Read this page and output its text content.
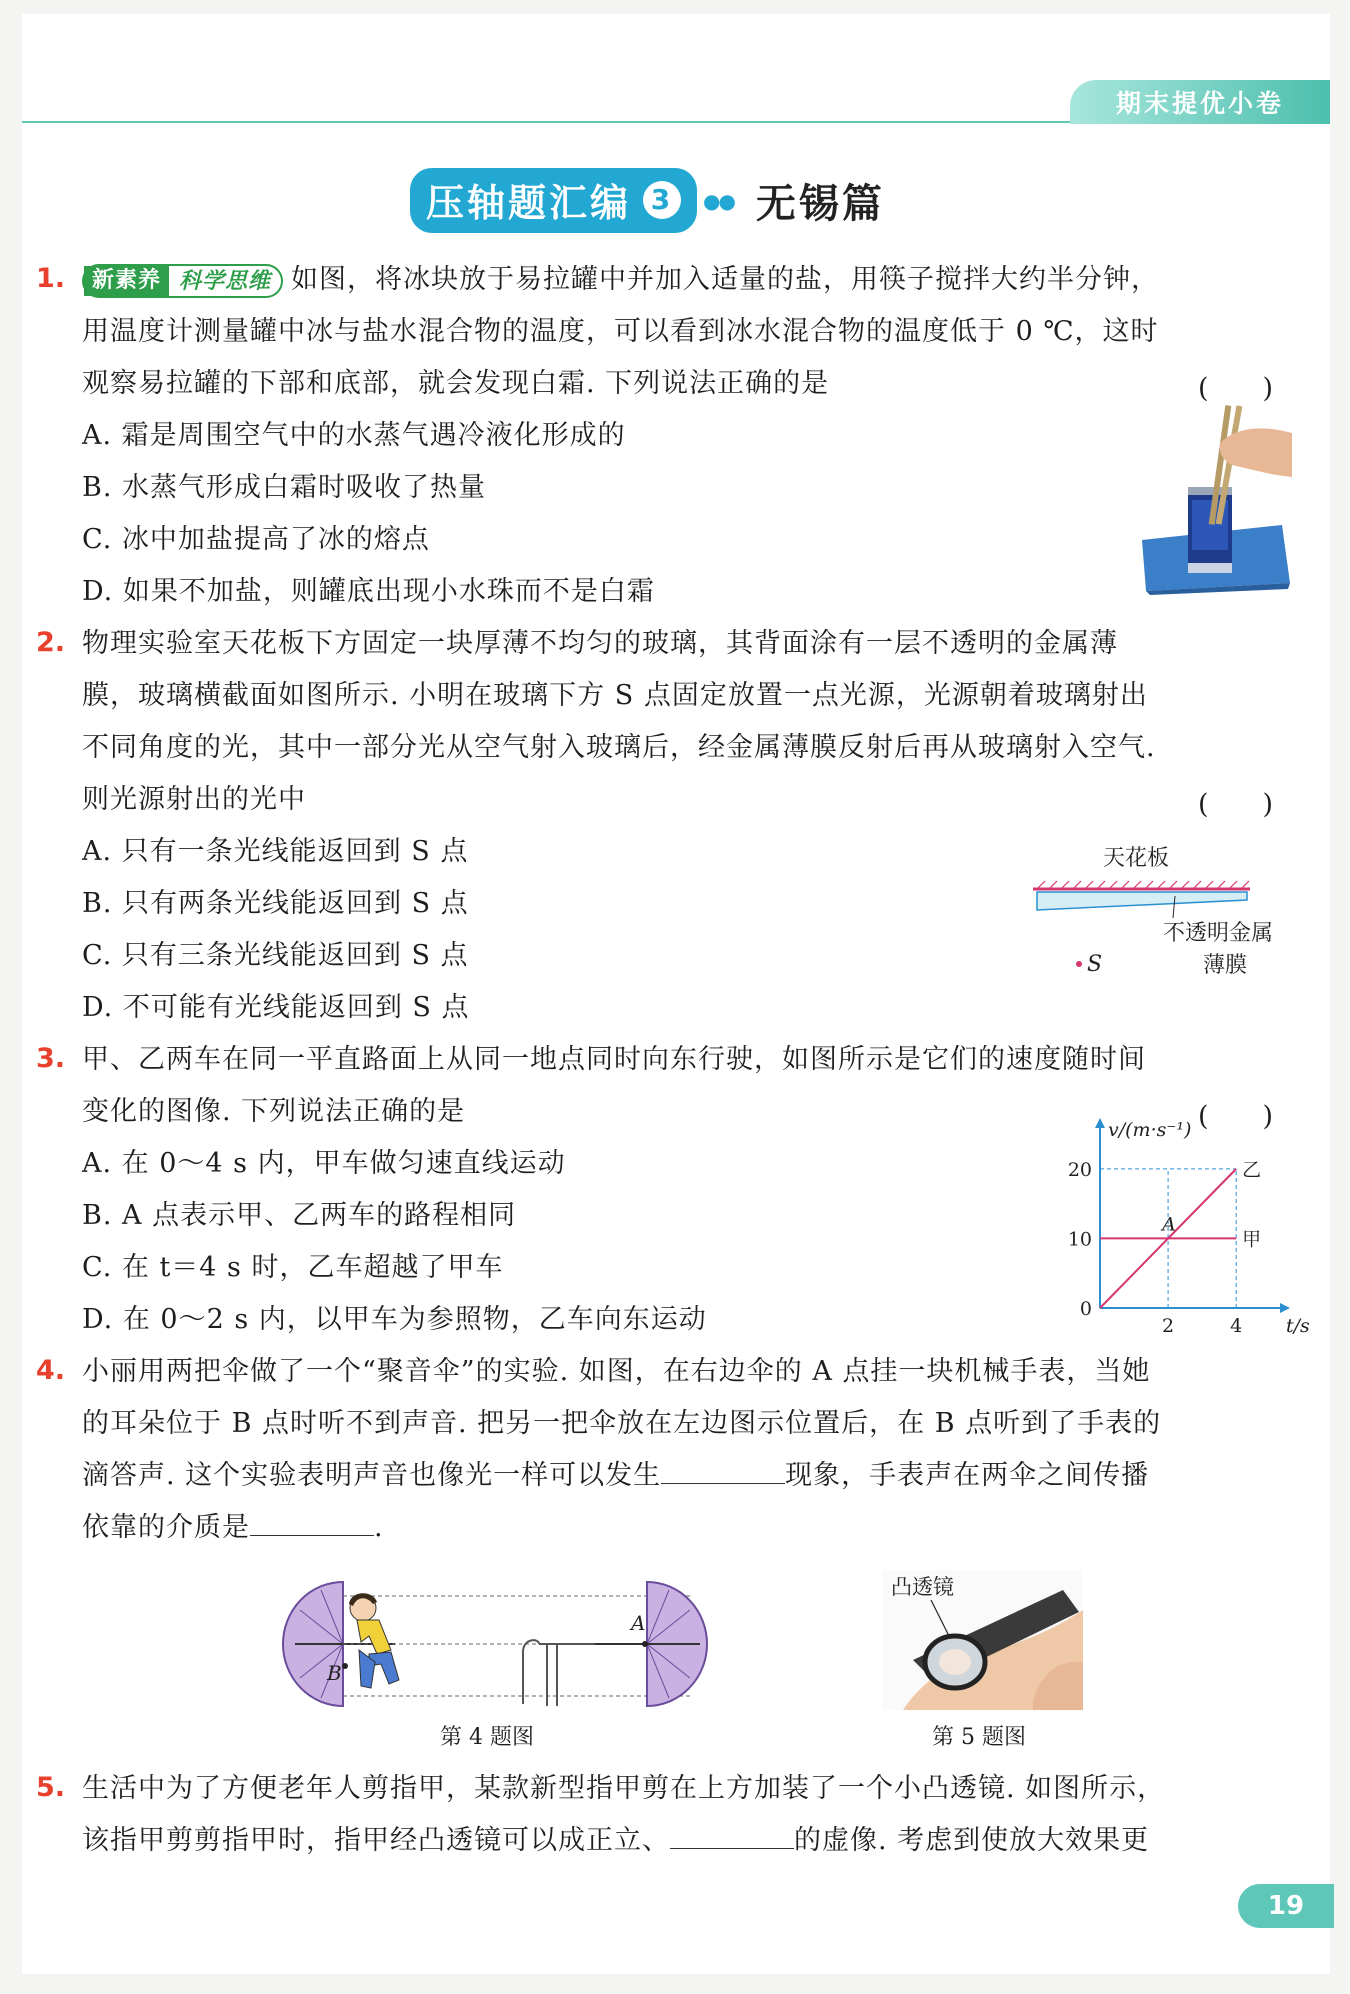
期末提优小卷
压轴题汇编 3	●● 无锡篇
1.	新素养 科学思维 如图，将冰块放于易拉罐中并加入适量的盐，用筷子搅拌大约半分钟，
用温度计测量罐中冰与盐水混合物的温度，可以看到冰水混合物的温度低于 0 ℃，这时
观察易拉罐的下部和底部，就会发现白霜. 下列说法正确的是	(　　)
A. 霜是周围空气中的水蒸气遇冷液化形成的
B. 水蒸气形成白霜时吸收了热量
C. 冰中加盐提高了冰的熔点
D. 如果不加盐，则罐底出现小水珠而不是白霜
2. 物理实验室天花板下方固定一块厚薄不均匀的玻璃，其背面涂有一层不透明的金属薄
膜，玻璃横截面如图所示. 小明在玻璃下方 S 点固定放置一点光源，光源朝着玻璃射出
不同角度的光，其中一部分光从空气射入玻璃后，经金属薄膜反射后再从玻璃射入空气.
则光源射出的光中	(　　)
A. 只有一条光线能返回到 S 点
B. 只有两条光线能返回到 S 点
C. 只有三条光线能返回到 S 点
D. 不可能有光线能返回到 S 点
天花板
不透明金属
薄膜
S
3. 甲、乙两车在同一平直路面上从同一地点同时向东行驶，如图所示是它们的速度随时间
变化的图像. 下列说法正确的是	(　　)
A. 在 0～4 s 内，甲车做匀速直线运动
B. A 点表示甲、乙两车的路程相同
C. 在 t＝4 s 时，乙车超越了甲车
D. 在 0～2 s 内，以甲车为参照物，乙车向东运动
v/(m·s⁻¹)
t/s
甲
乙
A
0
10
20
2	4
4. 小丽用两把伞做了一个“聚音伞”的实验. 如图，在右边伞的 A 点挂一块机械手表，当她
的耳朵位于 B 点时听不到声音. 把另一把伞放在左边图示位置后，在 B 点听到了手表的
滴答声. 这个实验表明声音也像光一样可以发生	现象，手表声在两伞之间传播
依靠的介质是	.
B
A
第 4 题图
凸透镜
第 5 题图
5. 生活中为了方便老年人剪指甲，某款新型指甲剪在上方加装了一个小凸透镜. 如图所示，
该指甲剪剪指甲时，指甲经凸透镜可以成正立、	的虚像. 考虑到使放大效果更
19
